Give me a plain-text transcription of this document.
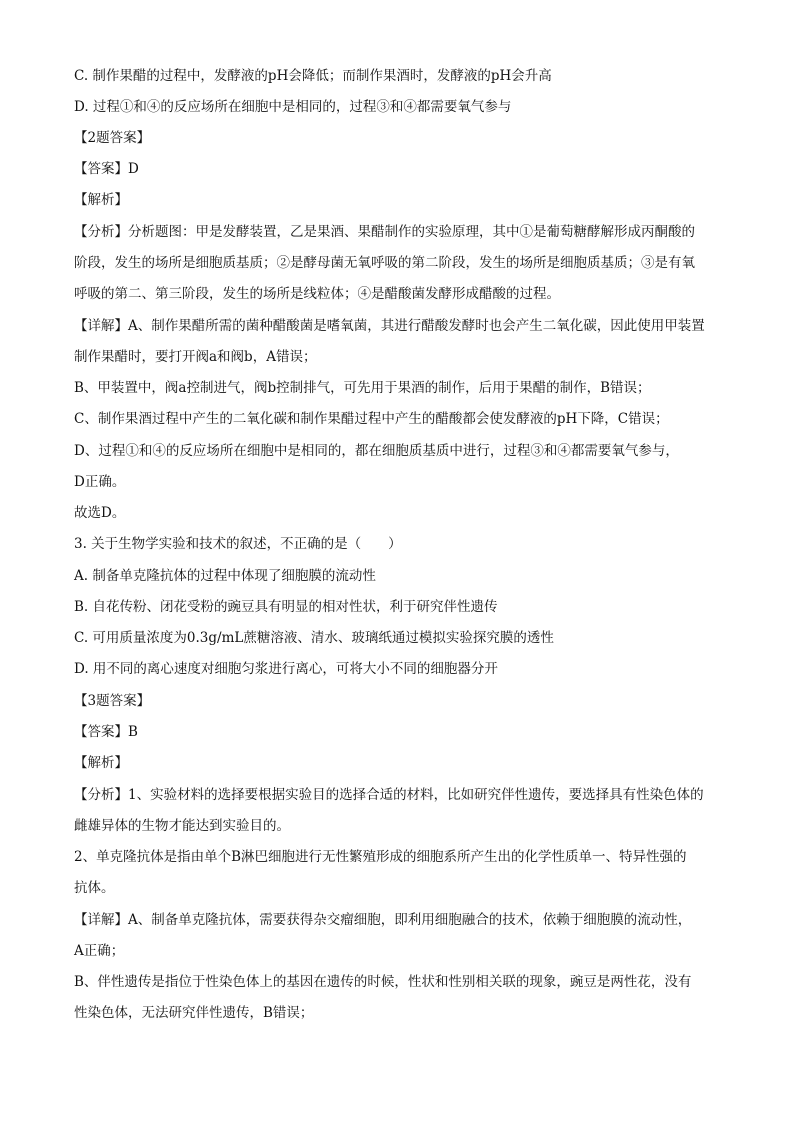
C. 制作果醋的过程中，发酵液的pH会降低；而制作果酒时，发酵液的pH会升高
D. 过程①和④的反应场所在细胞中是相同的，过程③和④都需要氧气参与
【2题答案】
【答案】D
【解析】
【分析】分析题图：甲是发酵装置，乙是果酒、果醋制作的实验原理，其中①是葡萄糖酵解形成丙酮酸的
阶段，发生的场所是细胞质基质；②是酵母菌无氧呼吸的第二阶段，发生的场所是细胞质基质；③是有氧
呼吸的第二、第三阶段，发生的场所是线粒体；④是醋酸菌发酵形成醋酸的过程。
【详解】A、制作果醋所需的菌种醋酸菌是嗜氧菌，其进行醋酸发酵时也会产生二氧化碳，因此使用甲装置
制作果醋时，要打开阀a和阀b，A错误；
B、甲装置中，阀a控制进气，阀b控制排气，可先用于果酒的制作，后用于果醋的制作，B错误；
C、制作果酒过程中产生的二氧化碳和制作果醋过程中产生的醋酸都会使发酵液的pH下降，C错误；
D、过程①和④的反应场所在细胞中是相同的，都在细胞质基质中进行，过程③和④都需要氧气参与，
D正确。
故选D。
3. 关于生物学实验和技术的叙述，不正确的是（　　）
A. 制备单克隆抗体的过程中体现了细胞膜的流动性
B. 自花传粉、闭花受粉的豌豆具有明显的相对性状，利于研究伴性遗传
C. 可用质量浓度为0.3g/mL蔗糖溶液、清水、玻璃纸通过模拟实验探究膜的透性
D. 用不同的离心速度对细胞匀浆进行离心，可将大小不同的细胞器分开
【3题答案】
【答案】B
【解析】
【分析】1、实验材料的选择要根据实验目的选择合适的材料，比如研究伴性遗传，要选择具有性染色体的
雌雄异体的生物才能达到实验目的。
2、单克隆抗体是指由单个B淋巴细胞进行无性繁殖形成的细胞系所产生出的化学性质单一、特异性强的
抗体。
【详解】A、制备单克隆抗体，需要获得杂交瘤细胞，即利用细胞融合的技术，依赖于细胞膜的流动性，
A正确；
B、伴性遗传是指位于性染色体上的基因在遗传的时候，性状和性别相关联的现象，豌豆是两性花，没有
性染色体，无法研究伴性遗传，B错误；
